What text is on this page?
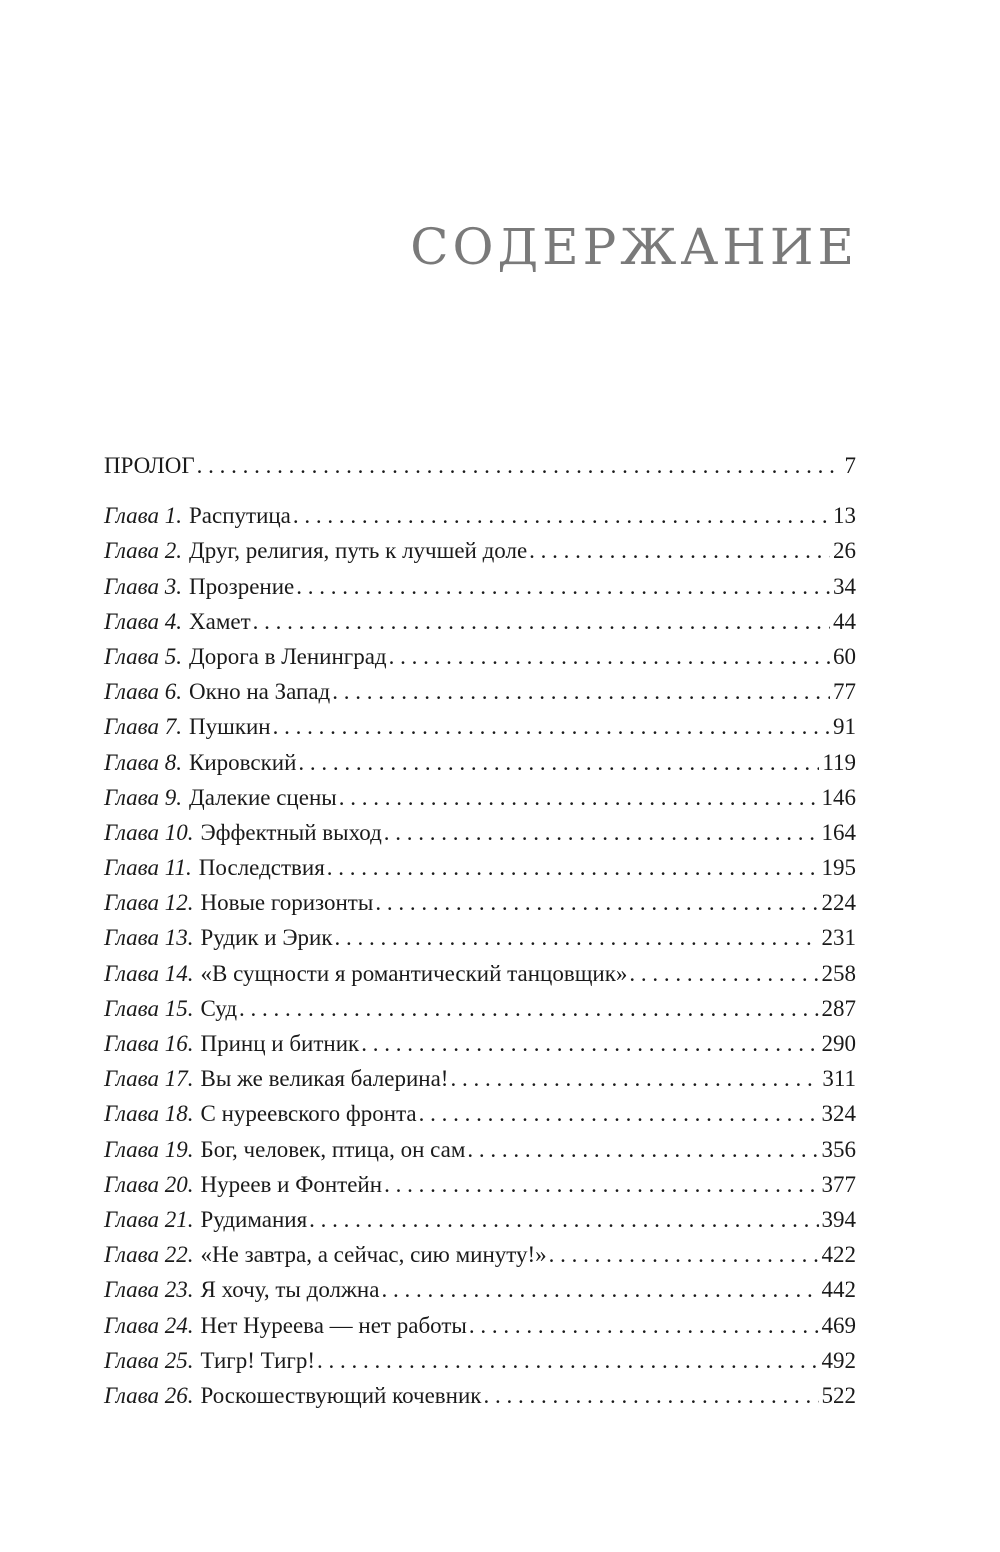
СОДЕРЖАНИЕ
ПРОЛОГ . . .	7
Глава 1. Распутица . . .	13
Глава 2. Друг, религия, путь к лучшей доле . . .	26
Глава 3. Прозрение . . .	34
Глава 4. Хамет . . .	44
Глава 5. Дорога в Ленинград . . .	60
Глава 6. Окно на Запад . . .	77
Глава 7. Пушкин . . .	91
Глава 8. Кировский . . .	119
Глава 9. Далекие сцены . . .	146
Глава 10. Эффектный выход . . .	164
Глава 11. Последствия . . .	195
Глава 12. Новые горизонты . . .	224
Глава 13. Рудик и Эрик . . .	231
Глава 14. «В сущности я романтический танцовщик» . . .	258
Глава 15. Суд . . .	287
Глава 16. Принц и битник . . .	290
Глава 17. Вы же великая балерина! . . .	311
Глава 18. С нуреевского фронта . . .	324
Глава 19. Бог, человек, птица, он сам . . .	356
Глава 20. Нуреев и Фонтейн . . .	377
Глава 21. Рудимания . . .	394
Глава 22. «Не завтра, а сейчас, сию минуту!» . . .	422
Глава 23. Я хочу, ты должна . . .	442
Глава 24. Нет Нуреева — нет работы . . .	469
Глава 25. Тигр! Тигр! . . .	492
Глава 26. Роскошествующий кочевник . . .	522
